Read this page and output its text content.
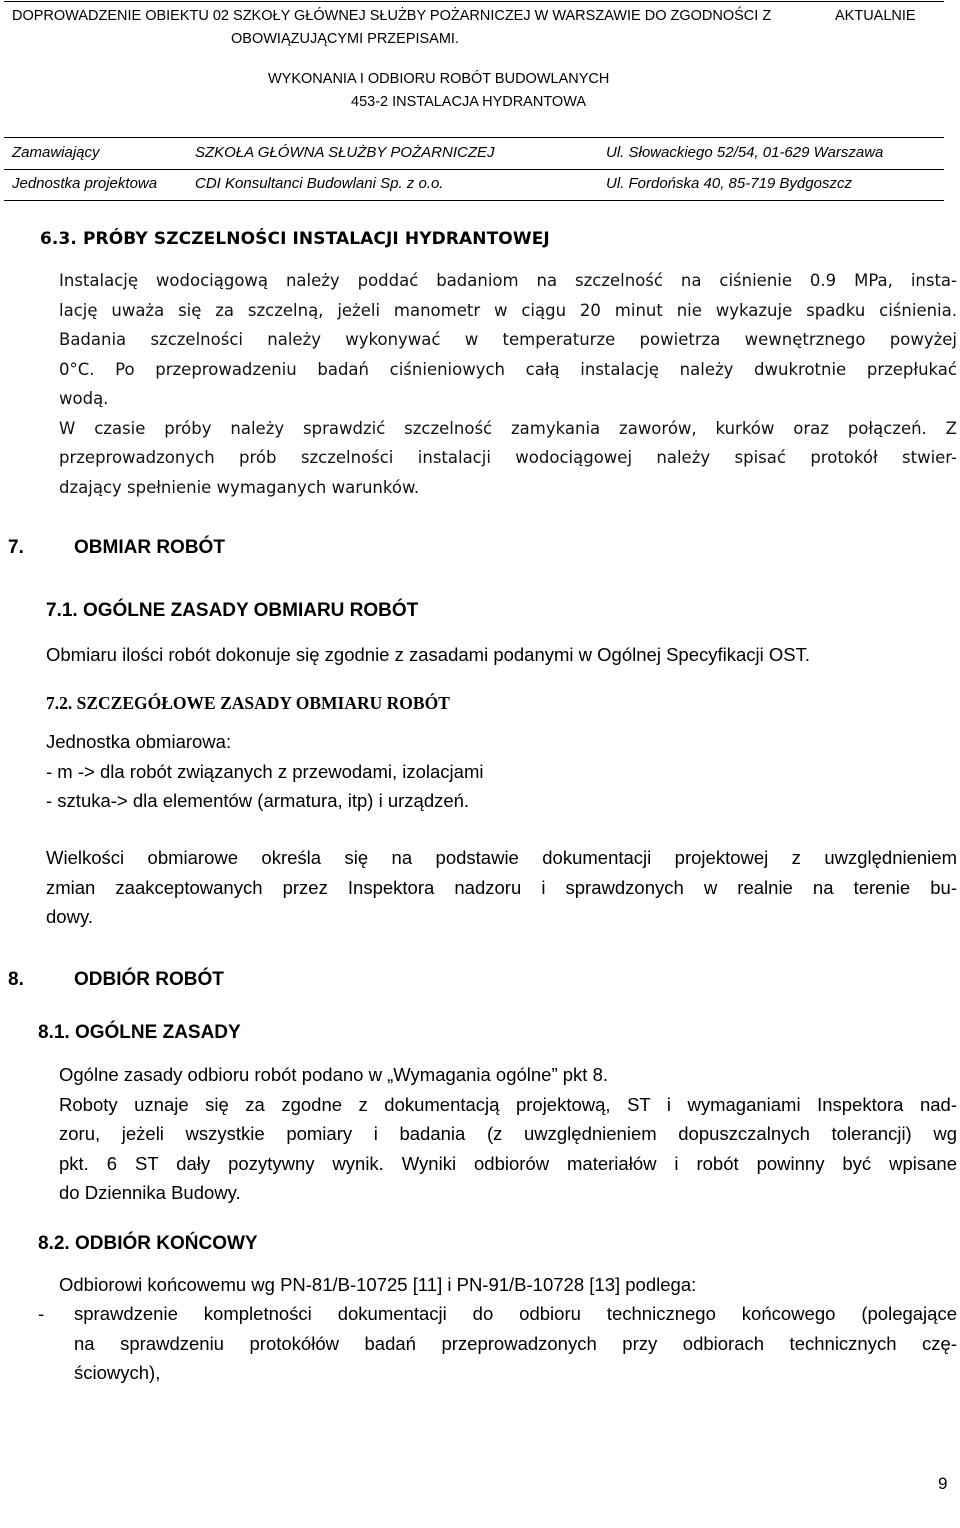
DOPROWADZENIE OBIEKTU 02 SZKOŁY GŁÓWNEJ SŁUŻBY POŻARNICZEJ W WARSZAWIE DO ZGODNOŚCI Z
OBOWIĄZUJĄCYMI PRZEPISAMI.
AKTUALNIE
WYKONANIA I ODBIORU ROBÓT BUDOWLANYCH
453-2 INSTALACJA HYDRANTOWA
Zamawiający	SZKOŁA GŁÓWNA SŁUŻBY POŻARNICZEJ	Ul. Słowackiego 52/54, 01-629 Warszawa
Jednostka projektowa	CDI Konsultanci Budowlani Sp. z o.o.	Ul. Fordońska 40, 85-719 Bydgoszcz
6.3. PRÓBY SZCZELNOŚCI INSTALACJI HYDRANTOWEJ
Instalację wodociągową należy poddać badaniom na szczelność na ciśnienie 0.9 MPa, insta-
lację uważa się za szczelną, jeżeli manometr w ciągu 20 minut nie wykazuje spadku ciśnienia.
Badania szczelności należy wykonywać w temperaturze powietrza wewnętrznego powyżej
0°C. Po przeprowadzeniu badań ciśnieniowych całą instalację należy dwukrotnie przepłukać
wodą.
W czasie próby należy sprawdzić szczelność zamykania zaworów, kurków oraz połączeń. Z
przeprowadzonych prób szczelności instalacji wodociągowej należy spisać protokół stwier-
dzający spełnienie wymaganych warunków.
7.	OBMIAR ROBÓT
7.1. OGÓLNE ZASADY OBMIARU ROBÓT
Obmiaru ilości robót dokonuje się zgodnie z zasadami podanymi w Ogólnej Specyfikacji OST.
7.2. SZCZEGÓŁOWE ZASADY OBMIARU ROBÓT
Jednostka obmiarowa:
- m -> dla robót związanych z przewodami, izolacjami
- sztuka-> dla elementów (armatura, itp) i urządzeń.
Wielkości obmiarowe określa się na podstawie dokumentacji projektowej z uwzględnieniem
zmian zaakceptowanych przez Inspektora nadzoru i sprawdzonych w realnie na terenie bu-
dowy.
8.	ODBIÓR ROBÓT
8.1. OGÓLNE ZASADY
Ogólne zasady odbioru robót podano w „Wymagania ogólne” pkt 8.
Roboty uznaje się za zgodne z dokumentacją projektową, ST i wymaganiami Inspektora nad-
zoru, jeżeli wszystkie pomiary i badania (z uwzględnieniem dopuszczalnych tolerancji) wg
pkt. 6 ST dały pozytywny wynik. Wyniki odbiorów materiałów i robót powinny być wpisane
do Dziennika Budowy.
8.2. ODBIÓR KOŃCOWY
Odbiorowi końcowemu wg PN-81/B-10725 [11] i PN-91/B-10728 [13] podlega:
- sprawdzenie kompletności dokumentacji do odbioru technicznego końcowego (polegające
na sprawdzeniu protokółów badań przeprowadzonych przy odbiorach technicznych czę-
ściowych),
9
